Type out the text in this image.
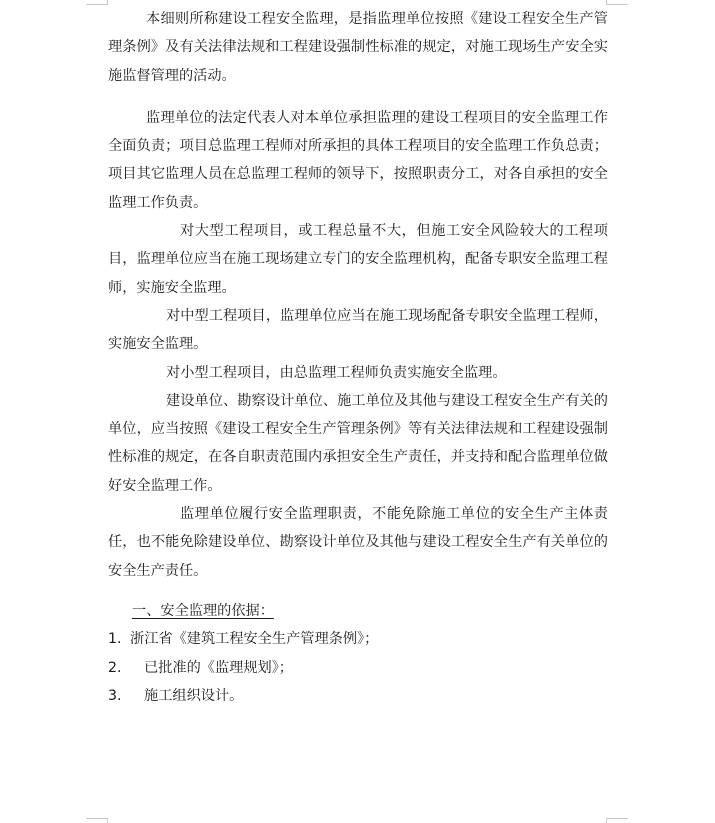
本细则所称建设工程安全监理，是指监理单位按照《建设工程安全生产管理条例》及有关法律法规和工程建设强制性标准的规定，对施工现场生产安全实施监督管理的活动。

监理单位的法定代表人对本单位承担监理的建设工程项目的安全监理工作全面负责；项目总监理工程师对所承担的具体工程项目的安全监理工作负总责；项目其它监理人员在总监理工程师的领导下，按照职责分工，对各自承担的安全监理工作负责。

对大型工程项目，或工程总量不大，但施工安全风险较大的工程项目，监理单位应当在施工现场建立专门的安全监理机构，配备专职安全监理工程师，实施安全监理。

对中型工程项目，监理单位应当在施工现场配备专职安全监理工程师，实施安全监理。

对小型工程项目，由总监理工程师负责实施安全监理。

建设单位、勘察设计单位、施工单位及其他与建设工程安全生产有关的单位，应当按照《建设工程安全生产管理条例》等有关法律法规和工程建设强制性标准的规定，在各自职责范围内承担安全生产责任，并支持和配合监理单位做好安全监理工作。

监理单位履行安全监理职责，不能免除施工单位的安全生产主体责任，也不能免除建设单位、勘察设计单位及其他与建设工程安全生产有关单位的安全生产责任。

一、安全监理的依据：

1. 浙江省《建筑工程安全生产管理条例》；
2. 已批准的《监理规划》；
3. 施工组织设计。
